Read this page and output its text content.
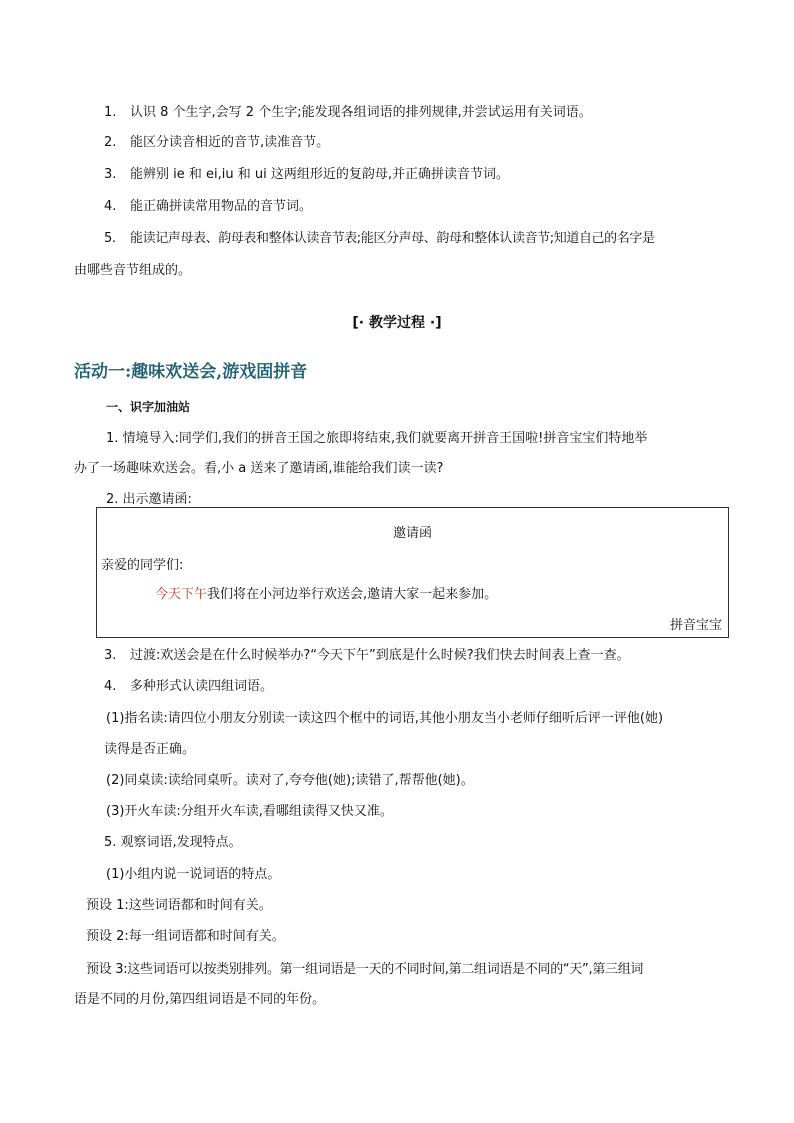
1. 认识 8 个生字,会写 2 个生字;能发现各组词语的排列规律,并尝试运用有关词语。
2. 能区分读音相近的音节,读准音节。
3. 能辨别 ie 和 ei,iu 和 ui 这两组形近的复韵母,并正确拼读音节词。
4. 能正确拼读常用物品的音节词。
5. 能读记声母表、韵母表和整体认读音节表;能区分声母、韵母和整体认读音节;知道自己的名字是
由哪些音节组成的。
[· 教学过程 ·]
活动一:趣味欢送会,游戏固拼音
一、识字加油站
1. 情境导入:同学们,我们的拼音王国之旅即将结束,我们就要离开拼音王国啦!拼音宝宝们特地举
办了一场趣味欢送会。看,小 a 送来了邀请函,谁能给我们读一读?
2. 出示邀请函:
邀请函
亲爱的同学们:
今天下午我们将在小河边举行欢送会,邀请大家一起来参加。
拼音宝宝
3. 过渡:欢送会是在什么时候举办?“今天下午”到底是什么时候?我们快去时间表上查一查。
4. 多种形式认读四组词语。
(1)指名读:请四位小朋友分别读一读这四个框中的词语,其他小朋友当小老师仔细听后评一评他(她)
读得是否正确。
(2)同桌读:读给同桌听。读对了,夸夸他(她);读错了,帮帮他(她)。
(3)开火车读:分组开火车读,看哪组读得又快又准。
5. 观察词语,发现特点。
(1)小组内说一说词语的特点。
预设 1:这些词语都和时间有关。
预设 2:每一组词语都和时间有关。
预设 3:这些词语可以按类别排列。第一组词语是一天的不同时间,第二组词语是不同的“天”,第三组词
语是不同的月份,第四组词语是不同的年份。
